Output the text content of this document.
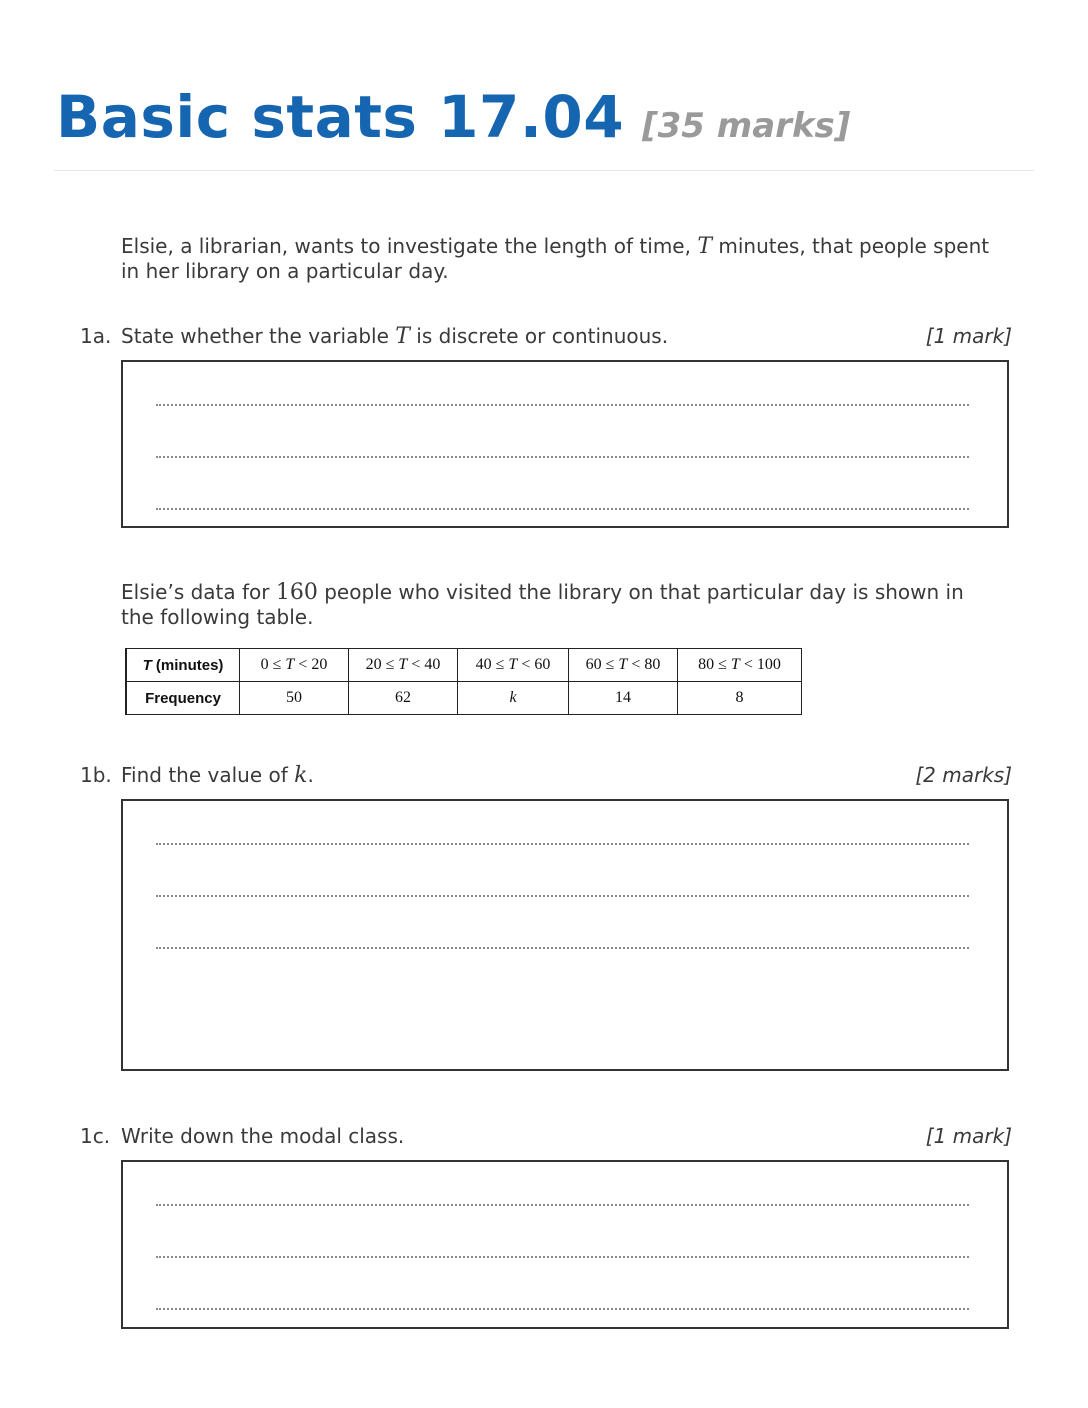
Basic stats 17.04 [35 marks]

Elsie, a librarian, wants to investigate the length of time, T minutes, that people spent in her library on a particular day.

1a. State whether the variable T is discrete or continuous.	[1 mark]

Elsie’s data for 160 people who visited the library on that particular day is shown in the following table.

T (minutes)	0 ≤ T < 20	20 ≤ T < 40	40 ≤ T < 60	60 ≤ T < 80	80 ≤ T < 100
Frequency	50	62	k	14	8
1b. Find the value of k.	[2 marks]
1c. Write down the modal class.	[1 mark]
